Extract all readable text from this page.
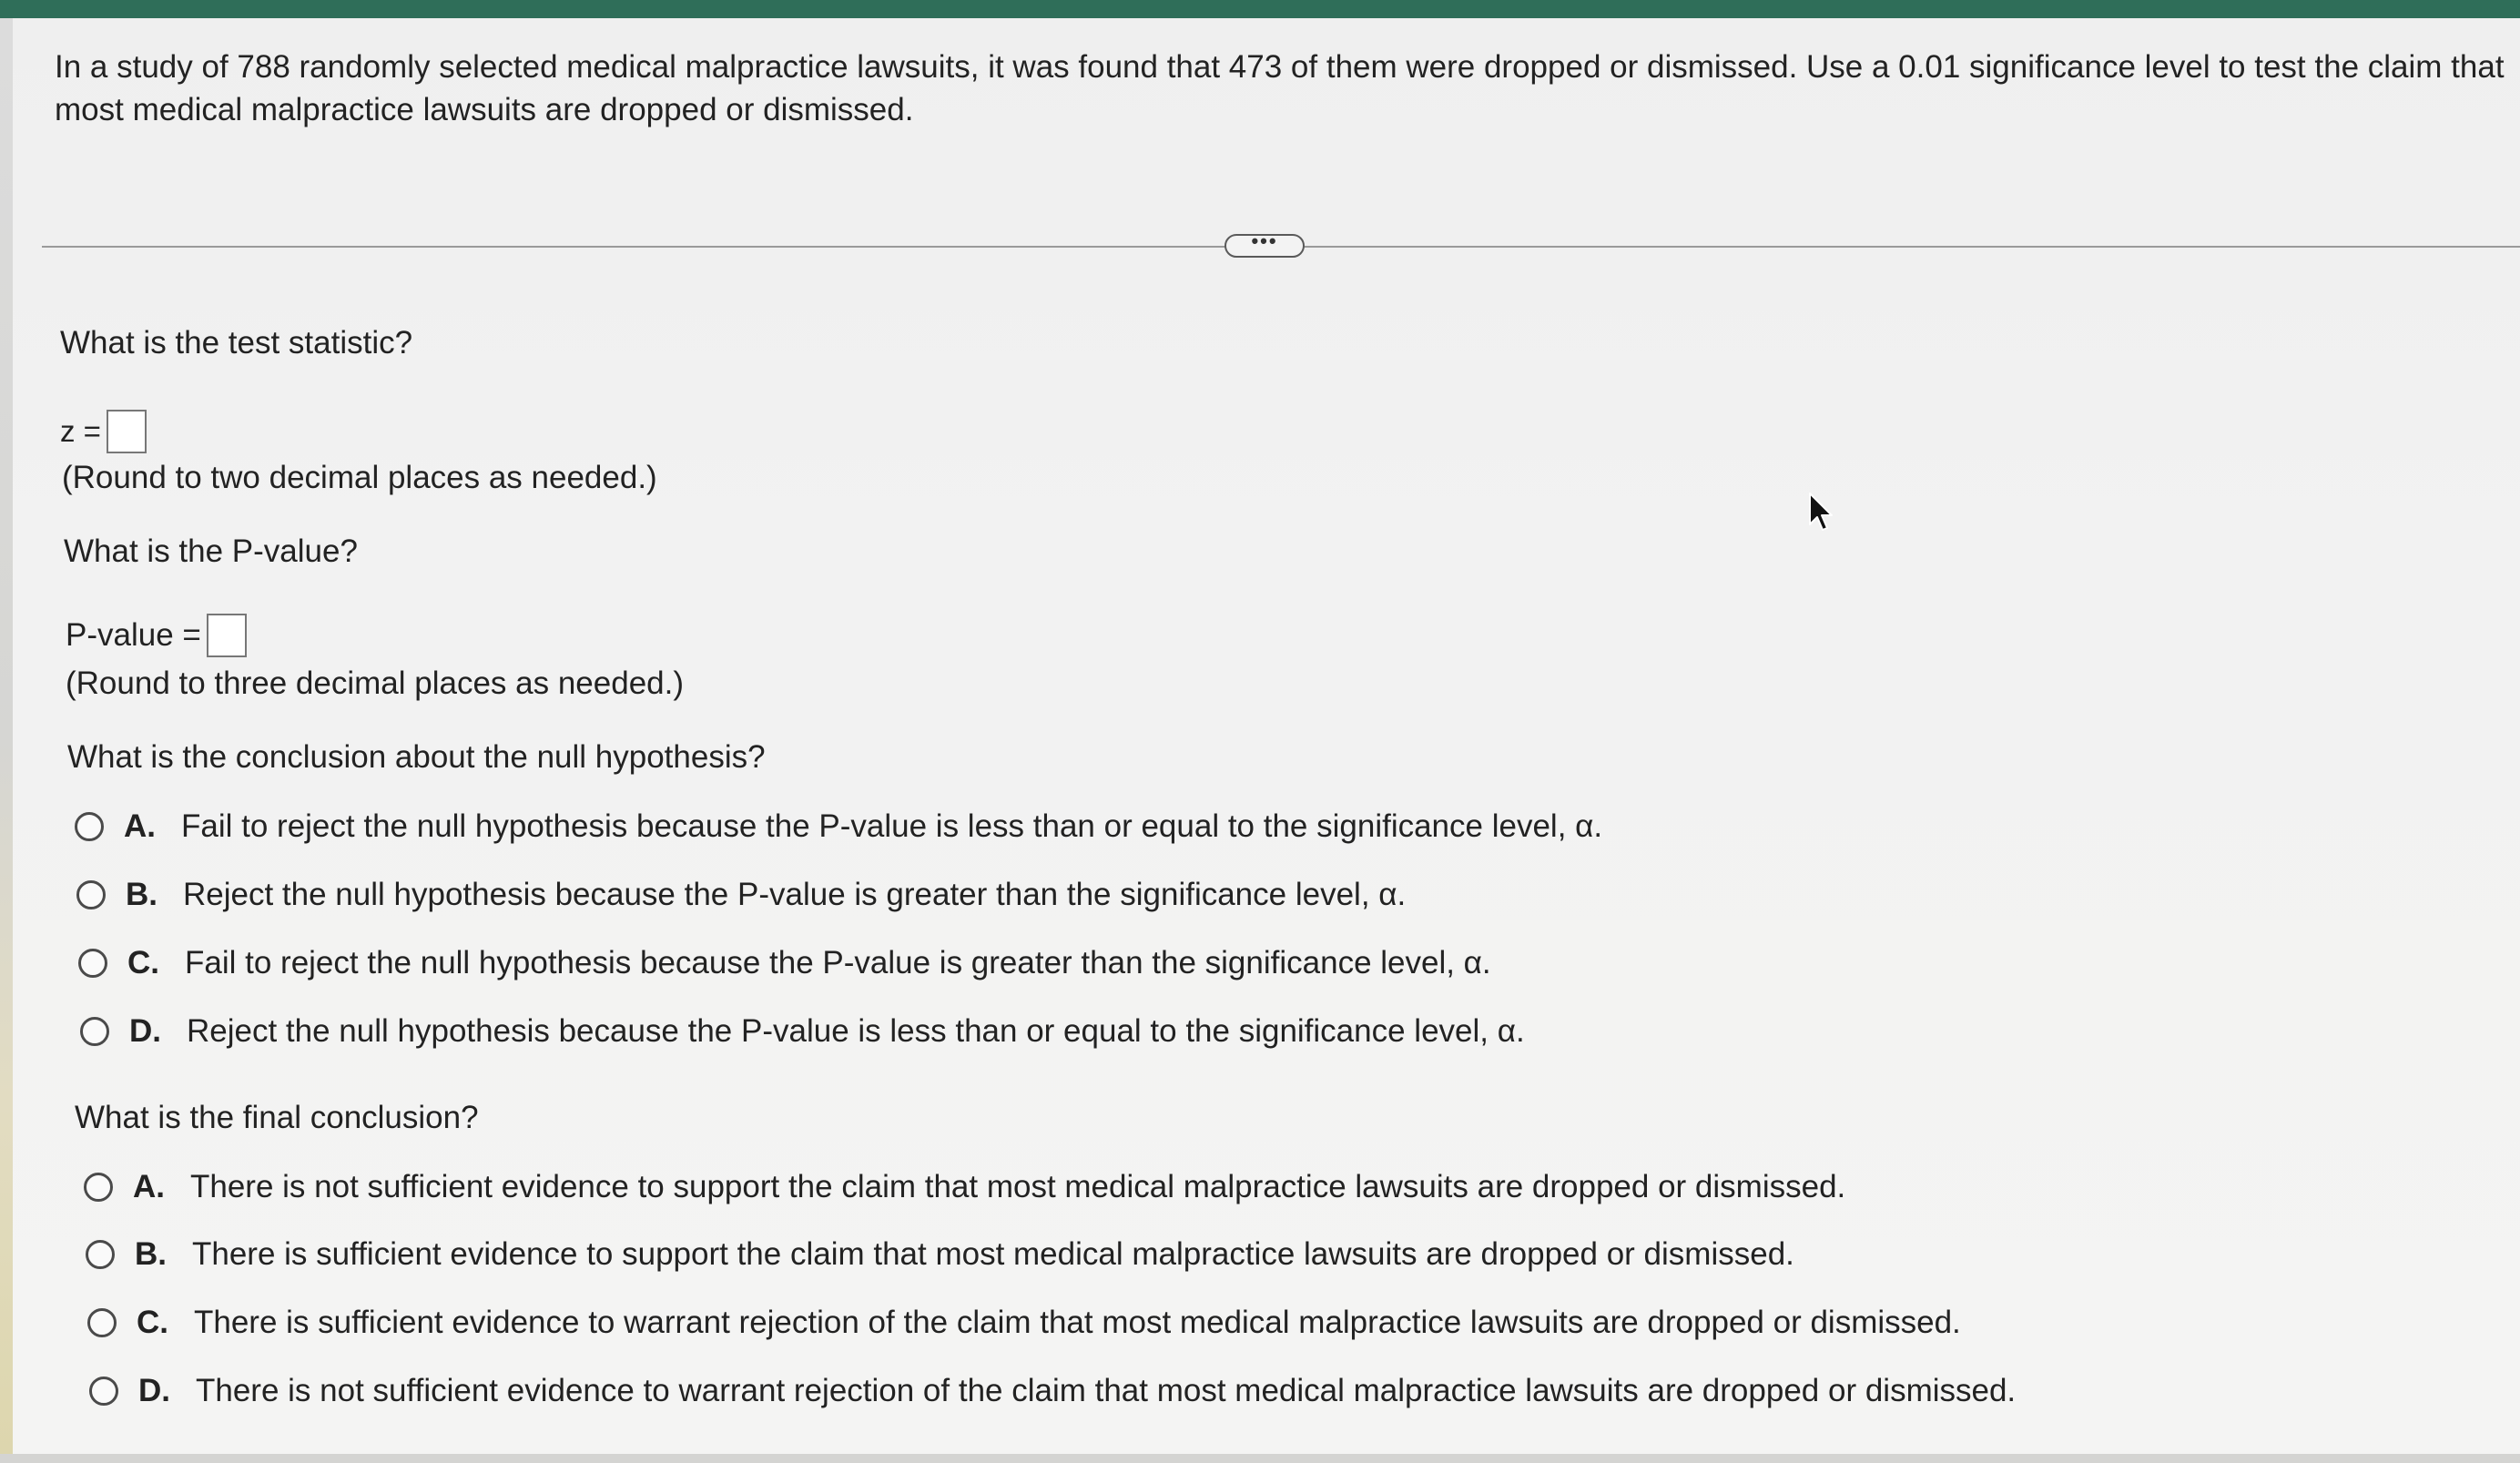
In a study of 788 randomly selected medical malpractice lawsuits, it was found that 473 of them were dropped or dismissed. Use a 0.01 significance level to test the claim that most medical malpractice lawsuits are dropped or dismissed.

•••

What is the test statistic?

z =

(Round to two decimal places as needed.)

What is the P-value?

P-value =

(Round to three decimal places as needed.)

What is the conclusion about the null hypothesis?

A. Fail to reject the null hypothesis because the P-value is less than or equal to the significance level, α.
B. Reject the null hypothesis because the P-value is greater than the significance level, α.
C. Fail to reject the null hypothesis because the P-value is greater than the significance level, α.
D. Reject the null hypothesis because the P-value is less than or equal to the significance level, α.

What is the final conclusion?

A. There is not sufficient evidence to support the claim that most medical malpractice lawsuits are dropped or dismissed.
B. There is sufficient evidence to support the claim that most medical malpractice lawsuits are dropped or dismissed.
C. There is sufficient evidence to warrant rejection of the claim that most medical malpractice lawsuits are dropped or dismissed.
D. There is not sufficient evidence to warrant rejection of the claim that most medical malpractice lawsuits are dropped or dismissed.
